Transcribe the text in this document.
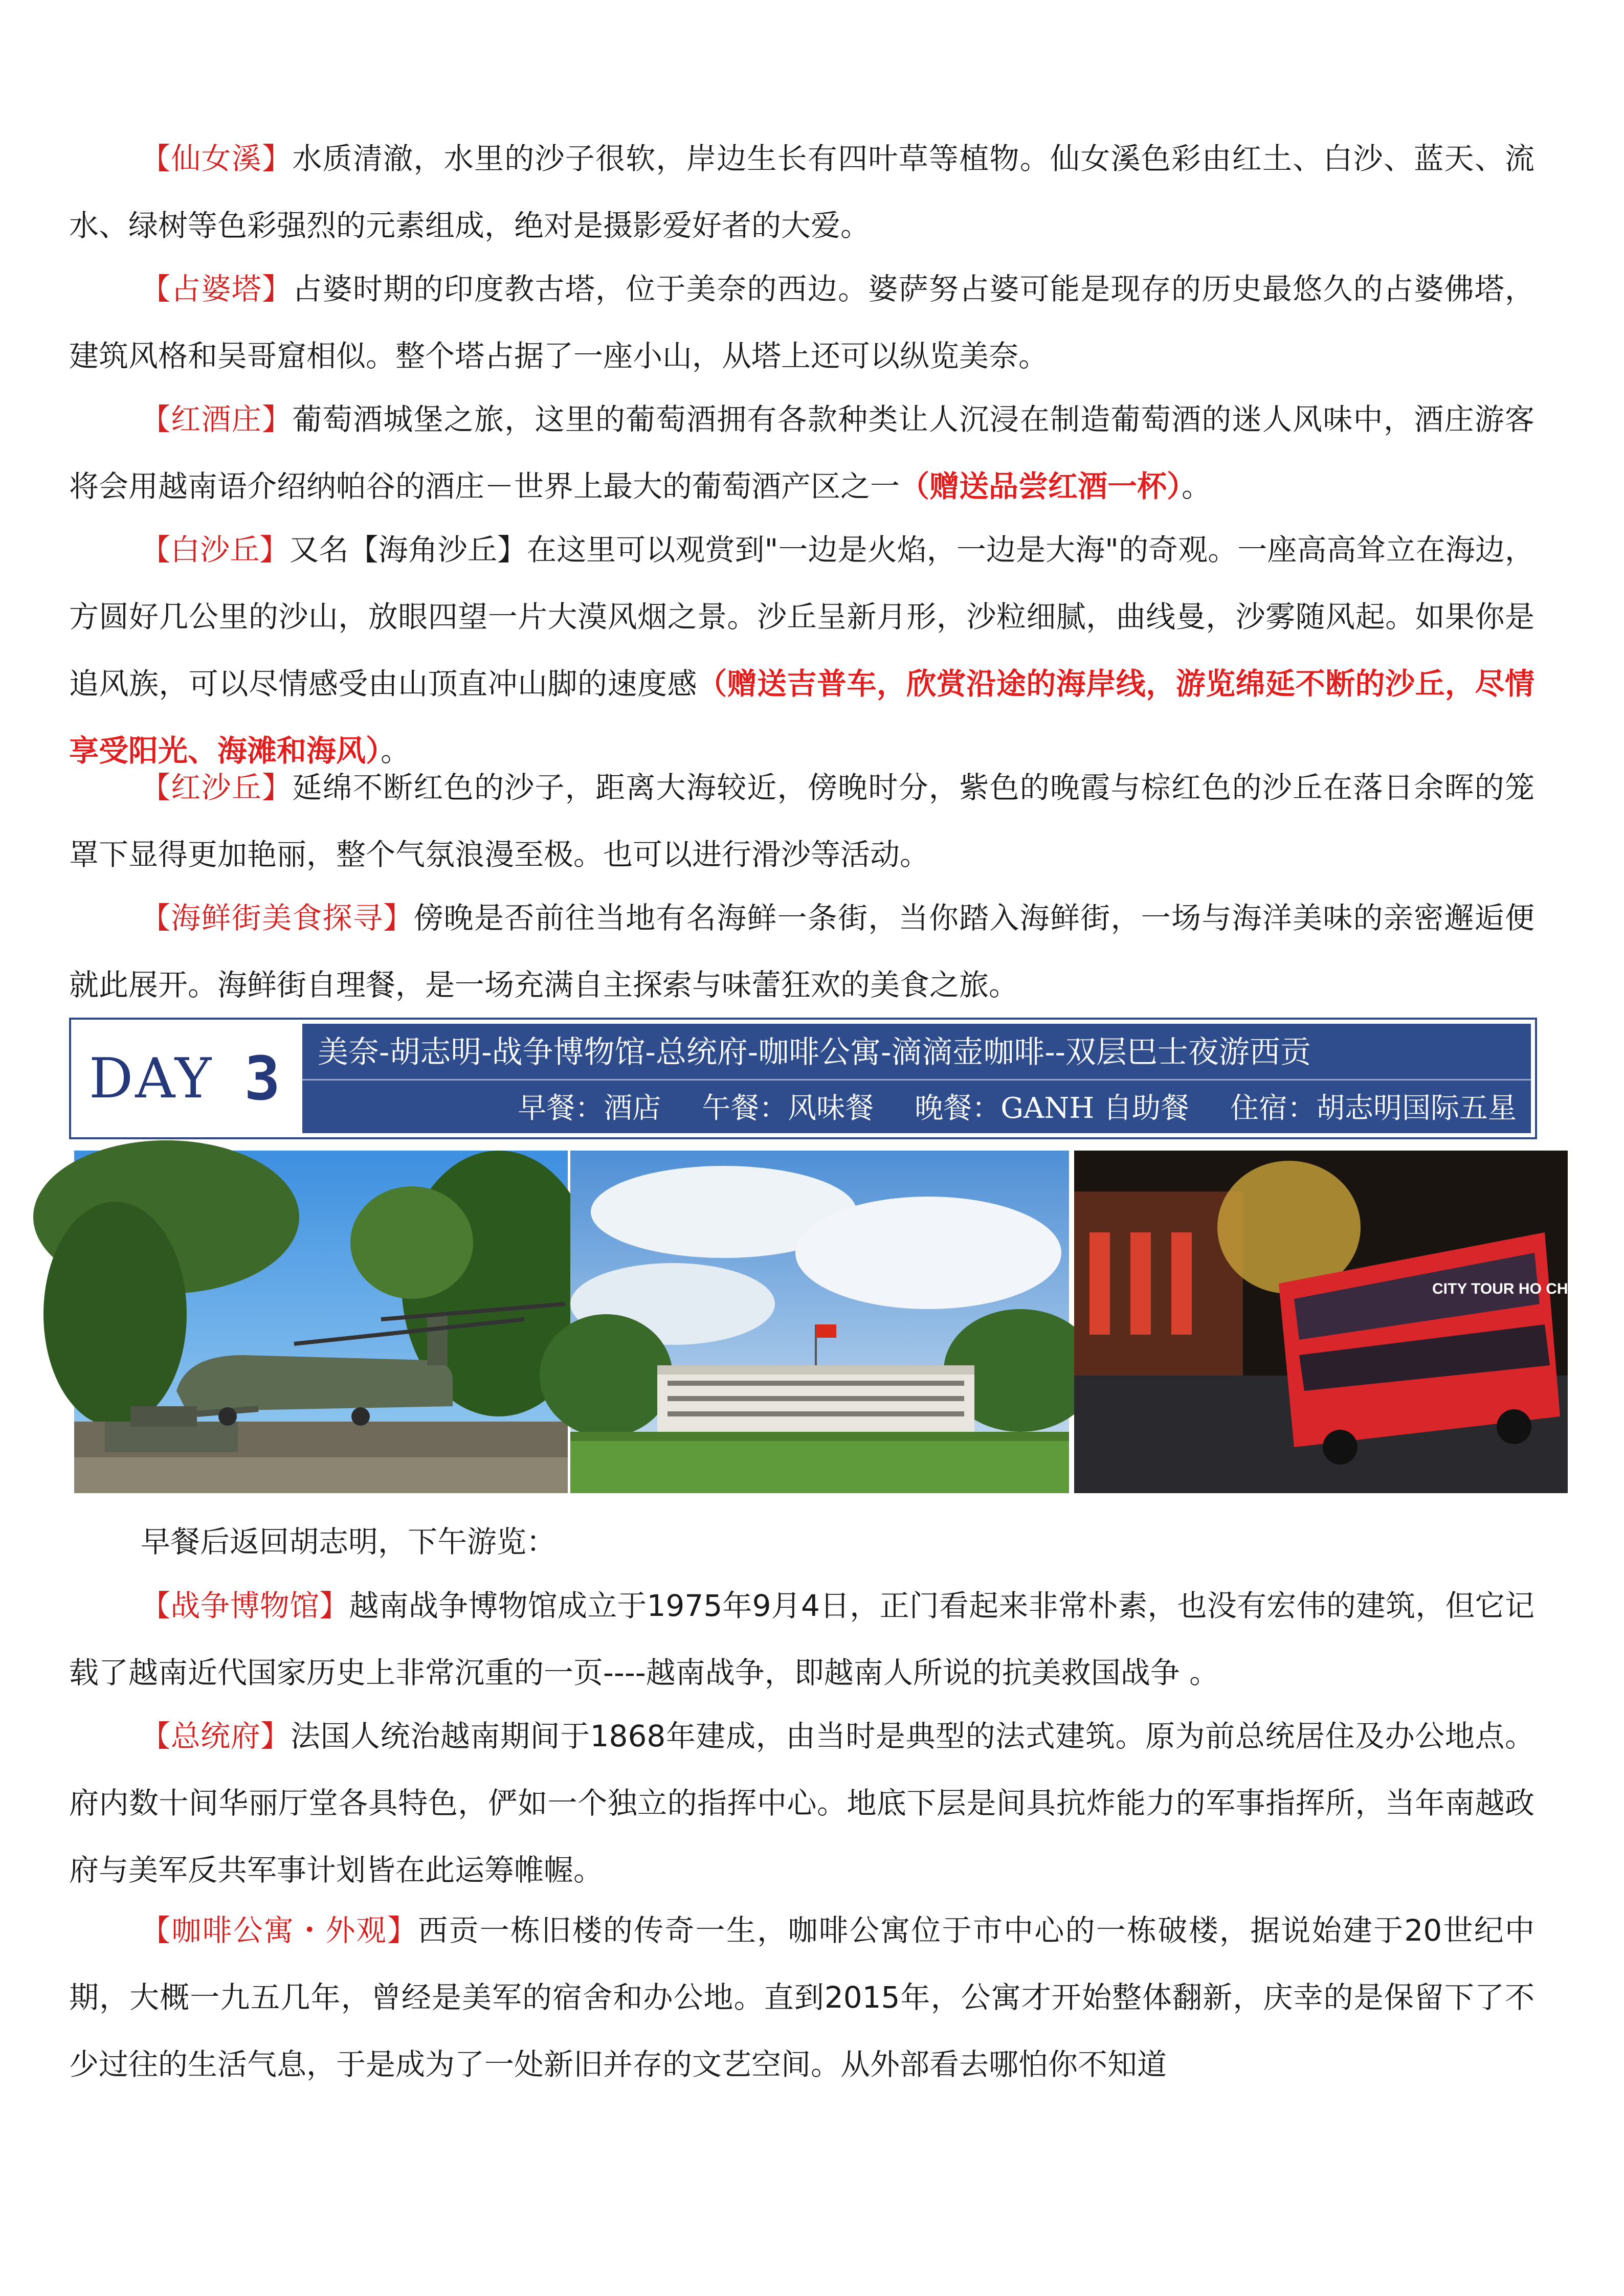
【仙女溪】水质清澈，水里的沙子很软，岸边生长有四叶草等植物。仙女溪色彩由红土、白沙、蓝天、流水、绿树等色彩强烈的元素组成，绝对是摄影爱好者的大爱。

【占婆塔】占婆时期的印度教古塔，位于美奈的西边。婆萨努占婆可能是现存的历史最悠久的占婆佛塔，建筑风格和吴哥窟相似。整个塔占据了一座小山，从塔上还可以纵览美奈。

【红酒庄】葡萄酒城堡之旅，这里的葡萄酒拥有各款种类让人沉浸在制造葡萄酒的迷人风味中，酒庄游客将会用越南语介绍纳帕谷的酒庄－世界上最大的葡萄酒产区之一（赠送品尝红酒一杯）。

【白沙丘】又名【海角沙丘】在这里可以观赏到"一边是火焰，一边是大海"的奇观。一座高高耸立在海边，方圆好几公里的沙山，放眼四望一片大漠风烟之景。沙丘呈新月形，沙粒细腻，曲线曼，沙雾随风起。如果你是追风族，可以尽情感受由山顶直冲山脚的速度感（赠送吉普车，欣赏沿途的海岸线，游览绵延不断的沙丘，尽情享受阳光、海滩和海风）。

【红沙丘】延绵不断红色的沙子，距离大海较近，傍晚时分，紫色的晚霞与棕红色的沙丘在落日余晖的笼罩下显得更加艳丽，整个气氛浪漫至极。也可以进行滑沙等活动。

【海鲜街美食探寻】傍晚是否前往当地有名海鲜一条街，当你踏入海鲜街，一场与海洋美味的亲密邂逅便就此展开。海鲜街自理餐，是一场充满自主探索与味蕾狂欢的美食之旅。

DAY 3 美奈-胡志明-战争博物馆-总统府-咖啡公寓-滴滴壶咖啡--双层巴士夜游西贡
早餐：酒店 午餐：风味餐 晚餐：GANH 自助餐 住宿：胡志明国际五星
CITY TOUR HO CHI MINH

早餐后返回胡志明，下午游览：

【战争博物馆】越南战争博物馆成立于1975年9月4日，正门看起来非常朴素，也没有宏伟的建筑，但它记载了越南近代国家历史上非常沉重的一页----越南战争，即越南人所说的抗美救国战争 。

【总统府】法国人统治越南期间于1868年建成，由当时是典型的法式建筑。原为前总统居住及办公地点。府内数十间华丽厅堂各具特色，俨如一个独立的指挥中心。地底下层是间具抗炸能力的军事指挥所，当年南越政府与美军反共军事计划皆在此运筹帷幄。

【咖啡公寓・外观】西贡一栋旧楼的传奇一生，咖啡公寓位于市中心的一栋破楼，据说始建于20世纪中期，大概一九五几年，曾经是美军的宿舍和办公地。直到2015年，公寓才开始整体翻新，庆幸的是保留下了不少过往的生活气息，于是成为了一处新旧并存的文艺空间。从外部看去哪怕你不知道
